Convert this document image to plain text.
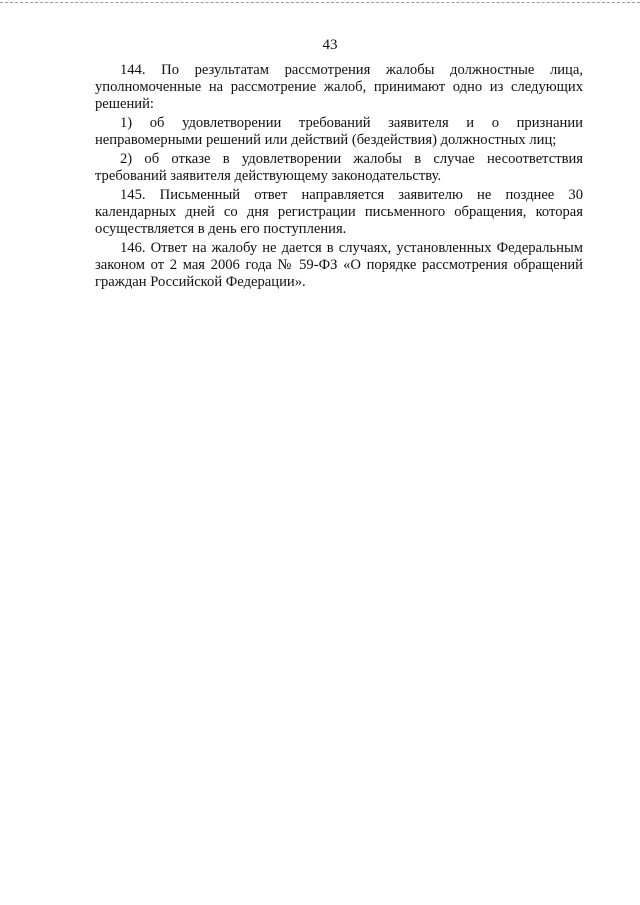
43
144. По результатам рассмотрения жалобы должностные лица,
уполномоченные на рассмотрение жалоб, принимают одно из следующих
решений:
1) об удовлетворении требований заявителя и о признании
неправомерными решений или действий (бездействия) должностных лиц;
2) об отказе в удовлетворении жалобы в случае несоответствия
требований заявителя действующему законодательству.
145. Письменный ответ направляется заявителю не позднее 30
календарных дней со дня регистрации письменного обращения, которая
осуществляется в день его поступления.
146. Ответ на жалобу не дается в случаях, установленных Федеральным
законом от 2 мая 2006 года № 59-ФЗ «О порядке рассмотрения обращений
граждан Российской Федерации».
